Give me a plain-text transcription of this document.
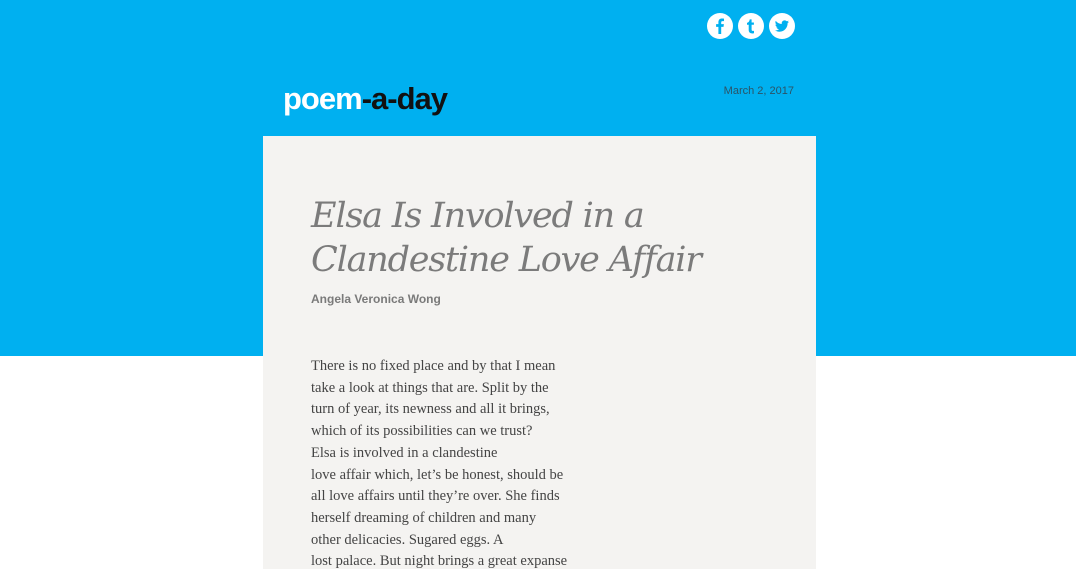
poem-a-day	March 2, 2017
Elsa Is Involved in a Clandestine Love Affair
Angela Veronica Wong
There is no fixed place and by that I mean
take a look at things that are. Split by the
turn of year, its newness and all it brings,
which of its possibilities can we trust?
Elsa is involved in a clandestine
love affair which, let’s be honest, should be
all love affairs until they’re over. She finds
herself dreaming of children and many
other delicacies. Sugared eggs. A
lost palace. But night brings a great expanse
